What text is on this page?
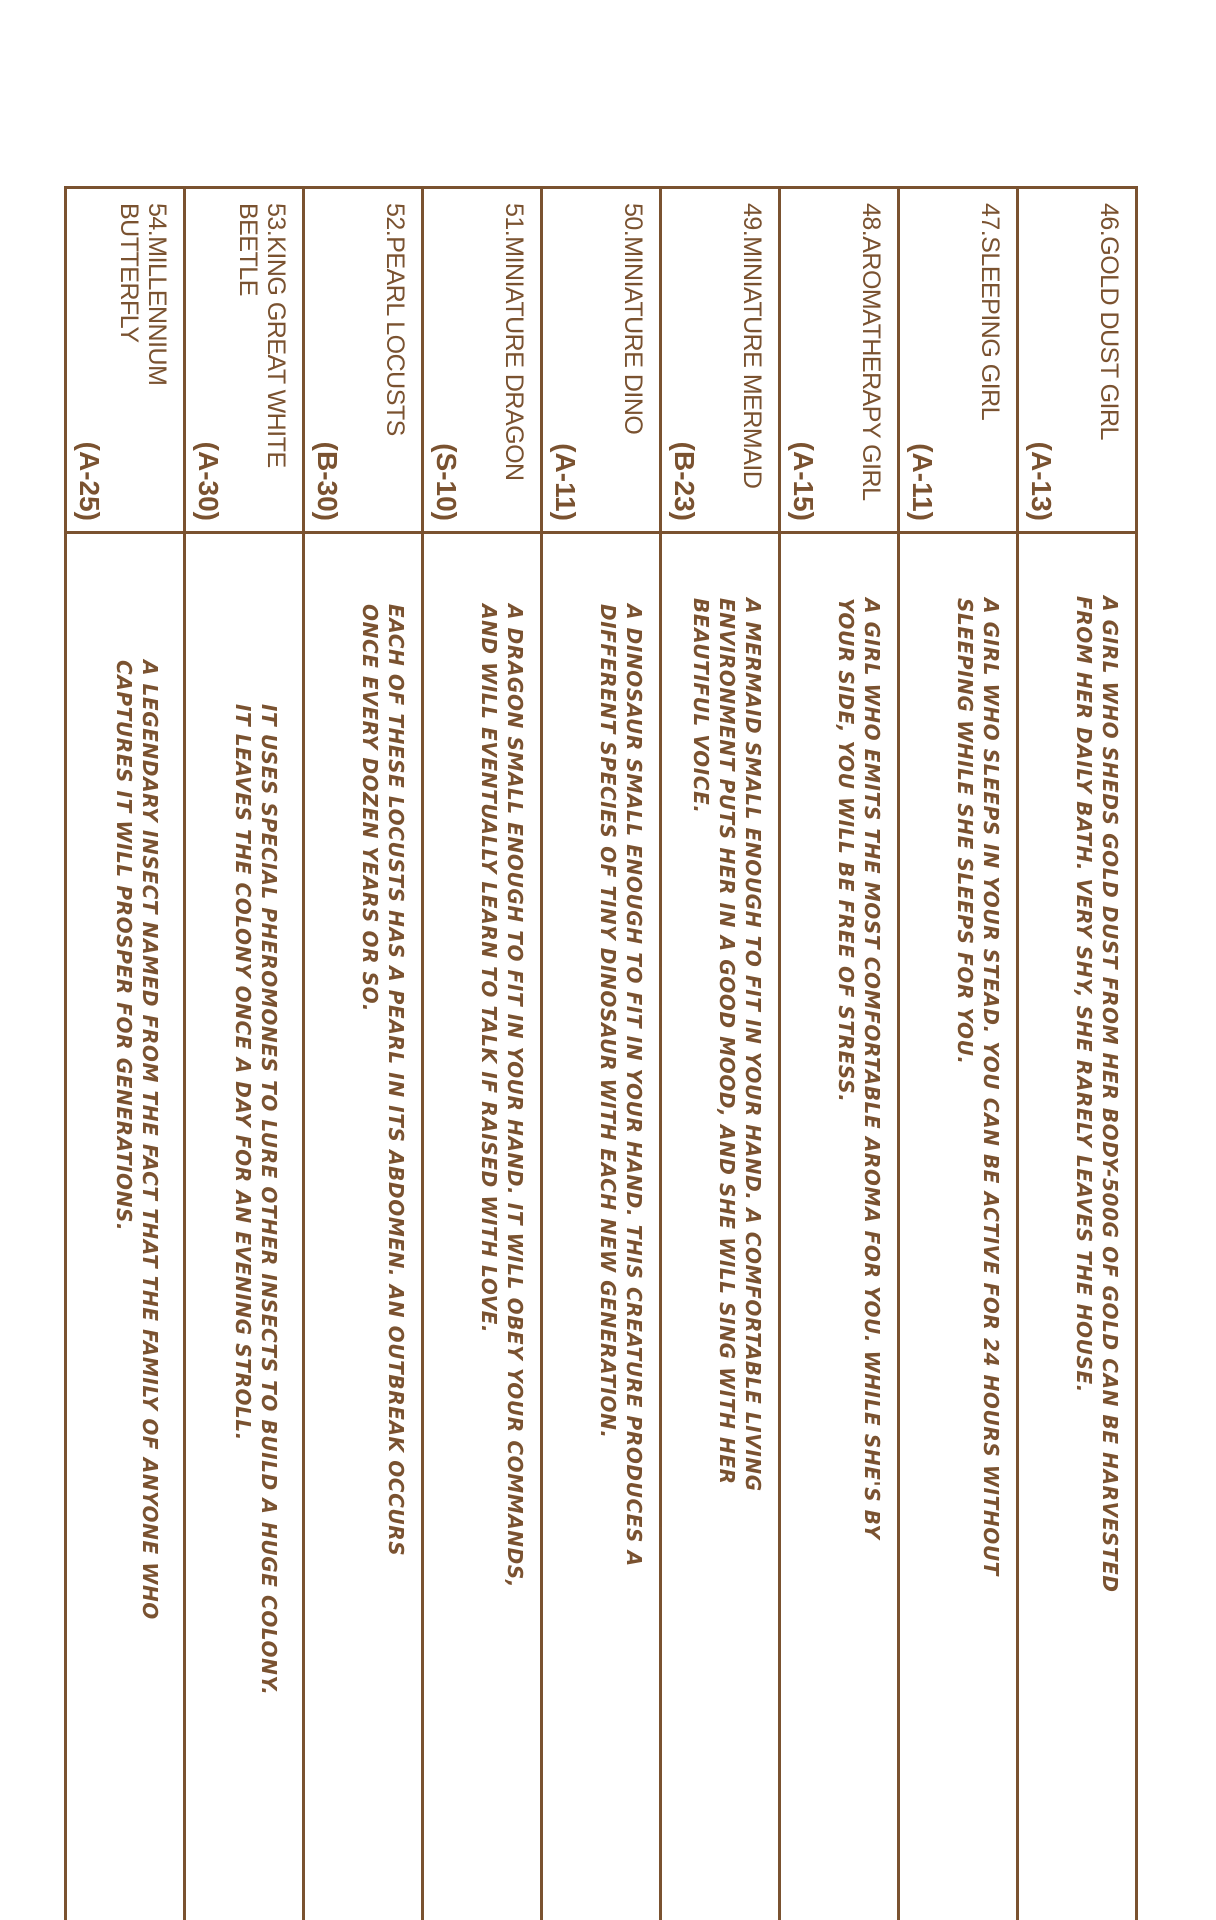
46.GOLD DUST GIRL
(A-13)	A GIRL WHO SHEDS GOLD DUST FROM HER BODY-500G OF GOLD CAN BE HARVESTED FROM HER DAILY BATH. VERY SHY, SHE RARELY LEAVES THE HOUSE.

47.SLEEPING GIRL
(A-11)	A GIRL WHO SLEEPS IN YOUR STEAD. YOU CAN BE ACTIVE FOR 24 HOURS WITHOUT SLEEPING WHILE SHE SLEEPS FOR YOU.

48.AROMATHERAPY GIRL
(A-15)	A GIRL WHO EMITS THE MOST COMFORTABLE AROMA FOR YOU. WHILE SHE'S BY YOUR SIDE, YOU WILL BE FREE OF STRESS.

49.MINIATURE MERMAID
(B-23)	A MERMAID SMALL ENOUGH TO FIT IN YOUR HAND. A COMFORTABLE LIVING ENVIRONMENT PUTS HER IN A GOOD MOOD, AND SHE WILL SING WITH HER BEAUTIFUL VOICE.

50.MINIATURE DINO
(A-11)	A DINOSAUR SMALL ENOUGH TO FIT IN YOUR HAND. THIS CREATURE PRODUCES A DIFFERENT SPECIES OF TINY DINOSAUR WITH EACH NEW GENERATION.

51.MINIATURE DRAGON
(S-10)	A DRAGON SMALL ENOUGH TO FIT IN YOUR HAND. IT WILL OBEY YOUR COMMANDS, AND WILL EVENTUALLY LEARN TO TALK IF RAISED WITH LOVE.

52.PEARL LOCUSTS
(B-30)	EACH OF THESE LOCUSTS HAS A PEARL IN ITS ABDOMEN. AN OUTBREAK OCCURS ONCE EVERY DOZEN YEARS OR SO.

53.KING GREAT WHITE BEETLE
(A-30)	IT USES SPECIAL PHEROMONES TO LURE OTHER INSECTS TO BUILD A HUGE COLONY. IT LEAVES THE COLONY ONCE A DAY FOR AN EVENING STROLL.

54.MILLENNIUM BUTTERFLY
(A-25)	A LEGENDARY INSECT NAMED FROM THE FACT THAT THE FAMILY OF ANYONE WHO CAPTURES IT WILL PROSPER FOR GENERATIONS.
